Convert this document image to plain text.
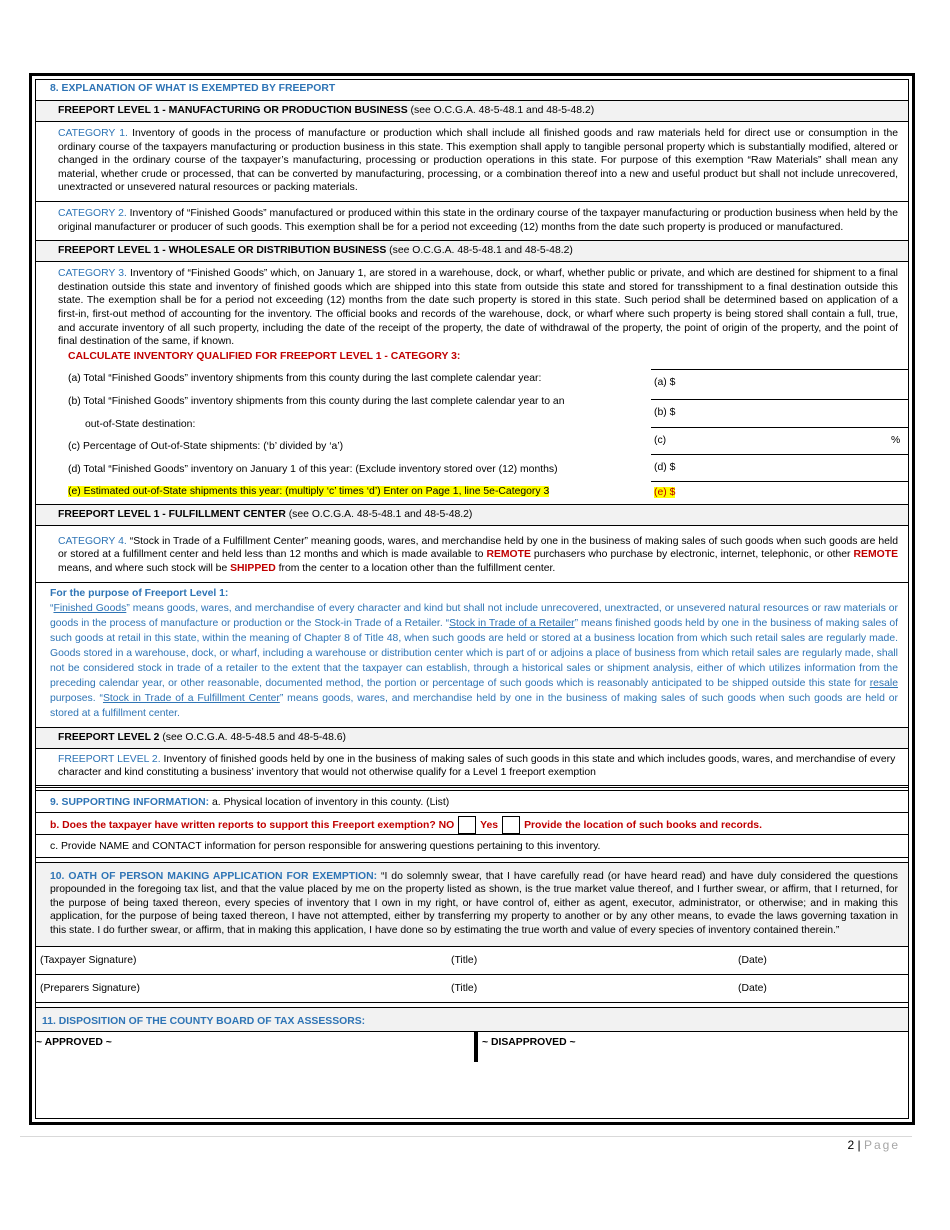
8. EXPLANATION OF WHAT IS EXEMPTED BY FREEPORT
FREEPORT LEVEL 1 - MANUFACTURING OR PRODUCTION BUSINESS (see O.C.G.A. 48-5-48.1 and 48-5-48.2)
CATEGORY 1. Inventory of goods in the process of manufacture or production which shall include all finished goods and raw materials held for direct use or consumption in the ordinary course of the taxpayers manufacturing or production business in this state. This exemption shall apply to tangible personal property which is substantially modified, altered or changed in the ordinary course of the taxpayer’s manufacturing, processing or production operations in this state. For purpose of this exemption “Raw Materials” shall mean any material, whether crude or processed, that can be converted by manufacturing, processing, or a combination thereof into a new and useful product but shall not include unrecovered, unextracted or unsevered natural resources or packing materials.
CATEGORY 2. Inventory of “Finished Goods” manufactured or produced within this state in the ordinary course of the taxpayer manufacturing or production business when held by the original manufacturer or producer of such goods. This exemption shall be for a period not exceeding (12) months from the date such property is produced or manufactured.
FREEPORT LEVEL 1 - WHOLESALE OR DISTRIBUTION BUSINESS (see O.C.G.A. 48-5-48.1 and 48-5-48.2)
CATEGORY 3. Inventory of “Finished Goods” which, on January 1, are stored in a warehouse, dock, or wharf, whether public or private, and which are destined for shipment to a final destination outside this state and inventory of finished goods which are shipped into this state from outside this state and stored for transshipment to a final destination outside this state. The exemption shall be for a period not exceeding (12) months from the date such property is stored in this state. Such period shall be determined based on application of a first-in, first-out method of accounting for the inventory. The official books and records of the warehouse, dock, or wharf where such property is being stored shall contain a full, true, and accurate inventory of all such property, including the date of the receipt of the property, the date of withdrawal of the property, the point of origin of the property, and the point of final destination of the same, if known.
CALCULATE INVENTORY QUALIFIED FOR FREEPORT LEVEL 1 - CATEGORY 3:
(a) Total “Finished Goods” inventory shipments from this county during the last complete calendar year:
(b) Total “Finished Goods” inventory shipments from this county during the last complete calendar year to an
out-of-State destination:
(c) Percentage of Out-of-State shipments: (‘b’ divided by ‘a’)
(d) Total “Finished Goods” inventory on January 1 of this year: (Exclude inventory stored over (12) months)
(e) Estimated out-of-State shipments this year: (multiply ‘c’ times ‘d’) Enter on Page 1, line 5e-Category 3
(a) $
(b) $
(c)	%
(d) $
(e) $
FREEPORT LEVEL 1 - FULFILLMENT CENTER (see O.C.G.A. 48-5-48.1 and 48-5-48.2)
CATEGORY 4. “Stock in Trade of a Fulfillment Center” meaning goods, wares, and merchandise held by one in the business of making sales of such goods when such goods are held or stored at a fulfillment center and held less than 12 months and which is made available to REMOTE purchasers who purchase by electronic, internet, telephonic, or other REMOTE means, and where such stock will be SHIPPED from the center to a location other than the fulfillment center.
For the purpose of Freeport Level 1:
“Finished Goods” means goods, wares, and merchandise of every character and kind but shall not include unrecovered, unextracted, or unsevered natural resources or raw materials or goods in the process of manufacture or production or the Stock-in Trade of a Retailer. “Stock in Trade of a Retailer” means finished goods held by one in the business of making sales of such goods at retail in this state, within the meaning of Chapter 8 of Title 48, when such goods are held or stored at a business location from which such retail sales are regularly made. Goods stored in a warehouse, dock, or wharf, including a warehouse or distribution center which is part of or adjoins a place of business from which retail sales are regularly made, shall not be considered stock in trade of a retailer to the extent that the taxpayer can establish, through a historical sales or shipment analysis, either of which utilizes information from the preceding calendar year, or other reasonable, documented method, the portion or percentage of such goods which is reasonably anticipated to be shipped outside this state for resale purposes. “Stock in Trade of a Fulfillment Center” means goods, wares, and merchandise held by one in the business of making sales of such goods when such goods are held or stored at a fulfillment center.
FREEPORT LEVEL 2 (see O.C.G.A. 48-5-48.5 and 48-5-48.6)
FREEPORT LEVEL 2. Inventory of finished goods held by one in the business of making sales of such goods in this state and which includes goods, wares, and merchandise of every character and kind constituting a business’ inventory that would not otherwise qualify for a Level 1 freeport exemption
9. SUPPORTING INFORMATION: a. Physical location of inventory in this county. (List)
b. Does the taxpayer have written reports to support this Freeport exemption? NO	Yes	Provide the location of such books and records.
c. Provide NAME and CONTACT information for person responsible for answering questions pertaining to this inventory.
10. OATH OF PERSON MAKING APPLICATION FOR EXEMPTION: “I do solemnly swear, that I have carefully read (or have heard read) and have duly considered the questions propounded in the foregoing tax list, and that the value placed by me on the property listed as shown, is the true market value thereof, and I further swear, or affirm, that I returned, for the purpose of being taxed thereon, every species of inventory that I own in my right, or have control of, either as agent, executor, administrator, or otherwise; and in making this application, for the purpose of being taxed thereon, I have not attempted, either by transferring my property to another or by any other means, to evade the laws governing taxation in this state. I do further swear, or affirm, that in making this application, I have done so by estimating the true worth and value of every species of inventory contained therein.”
(Taxpayer Signature)	(Title)	(Date)
(Preparers Signature)	(Title)	(Date)
11. DISPOSITION OF THE COUNTY BOARD OF TAX ASSESSORS:
~ APPROVED ~	~ DISAPPROVED ~
2 | Page
